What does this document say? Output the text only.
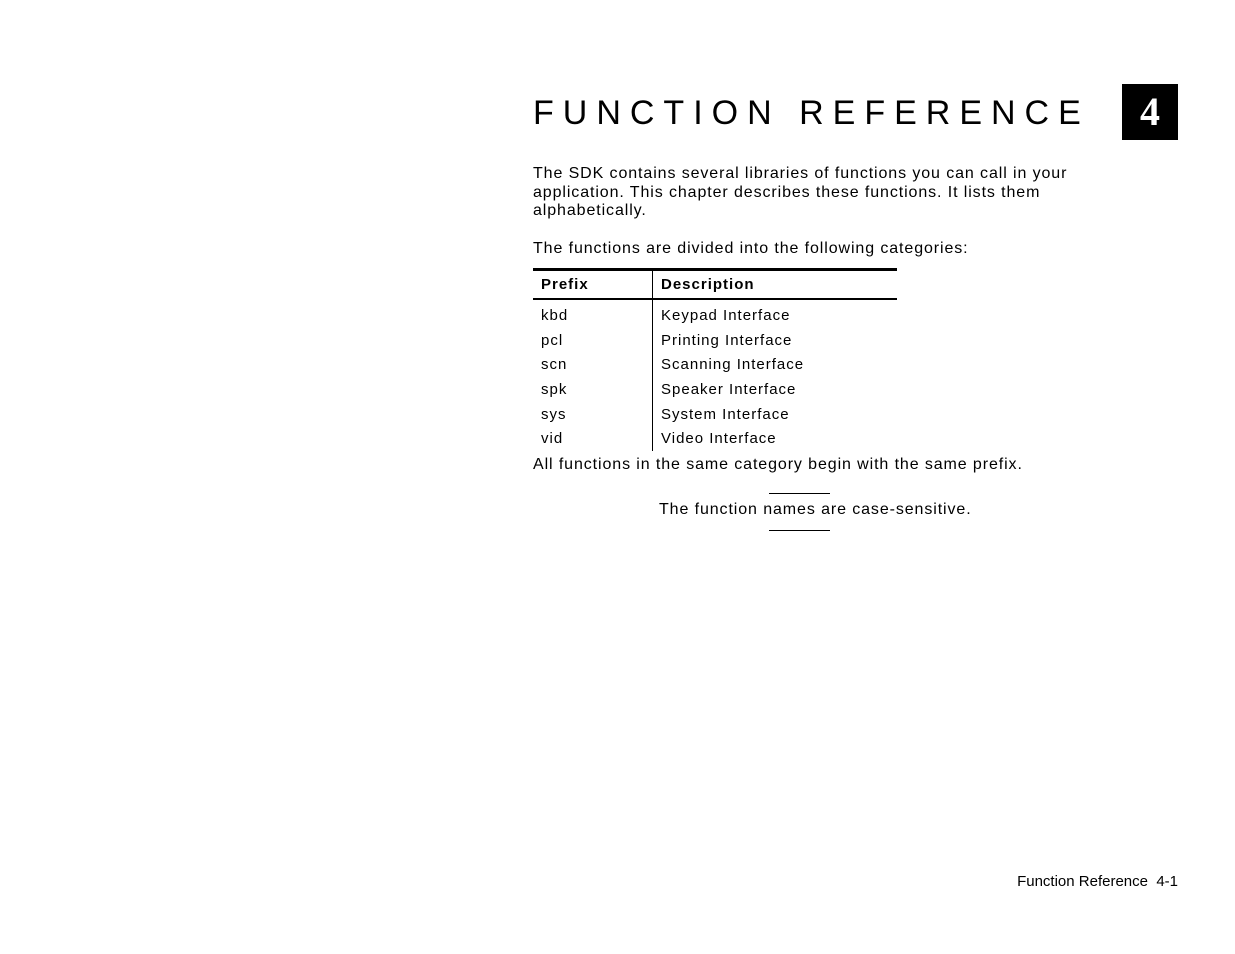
FUNCTION REFERENCE	4

The SDK contains several libraries of functions you can call in your application. This chapter describes these functions. It lists them alphabetically.

The functions are divided into the following categories:

Prefix	Description
kbd	Keypad Interface
pcl	Printing Interface
scn	Scanning Interface
spk	Speaker Interface
sys	System Interface
vid	Video Interface

All functions in the same category begin with the same prefix.

The function names are case-sensitive.

Function Reference  4-1
